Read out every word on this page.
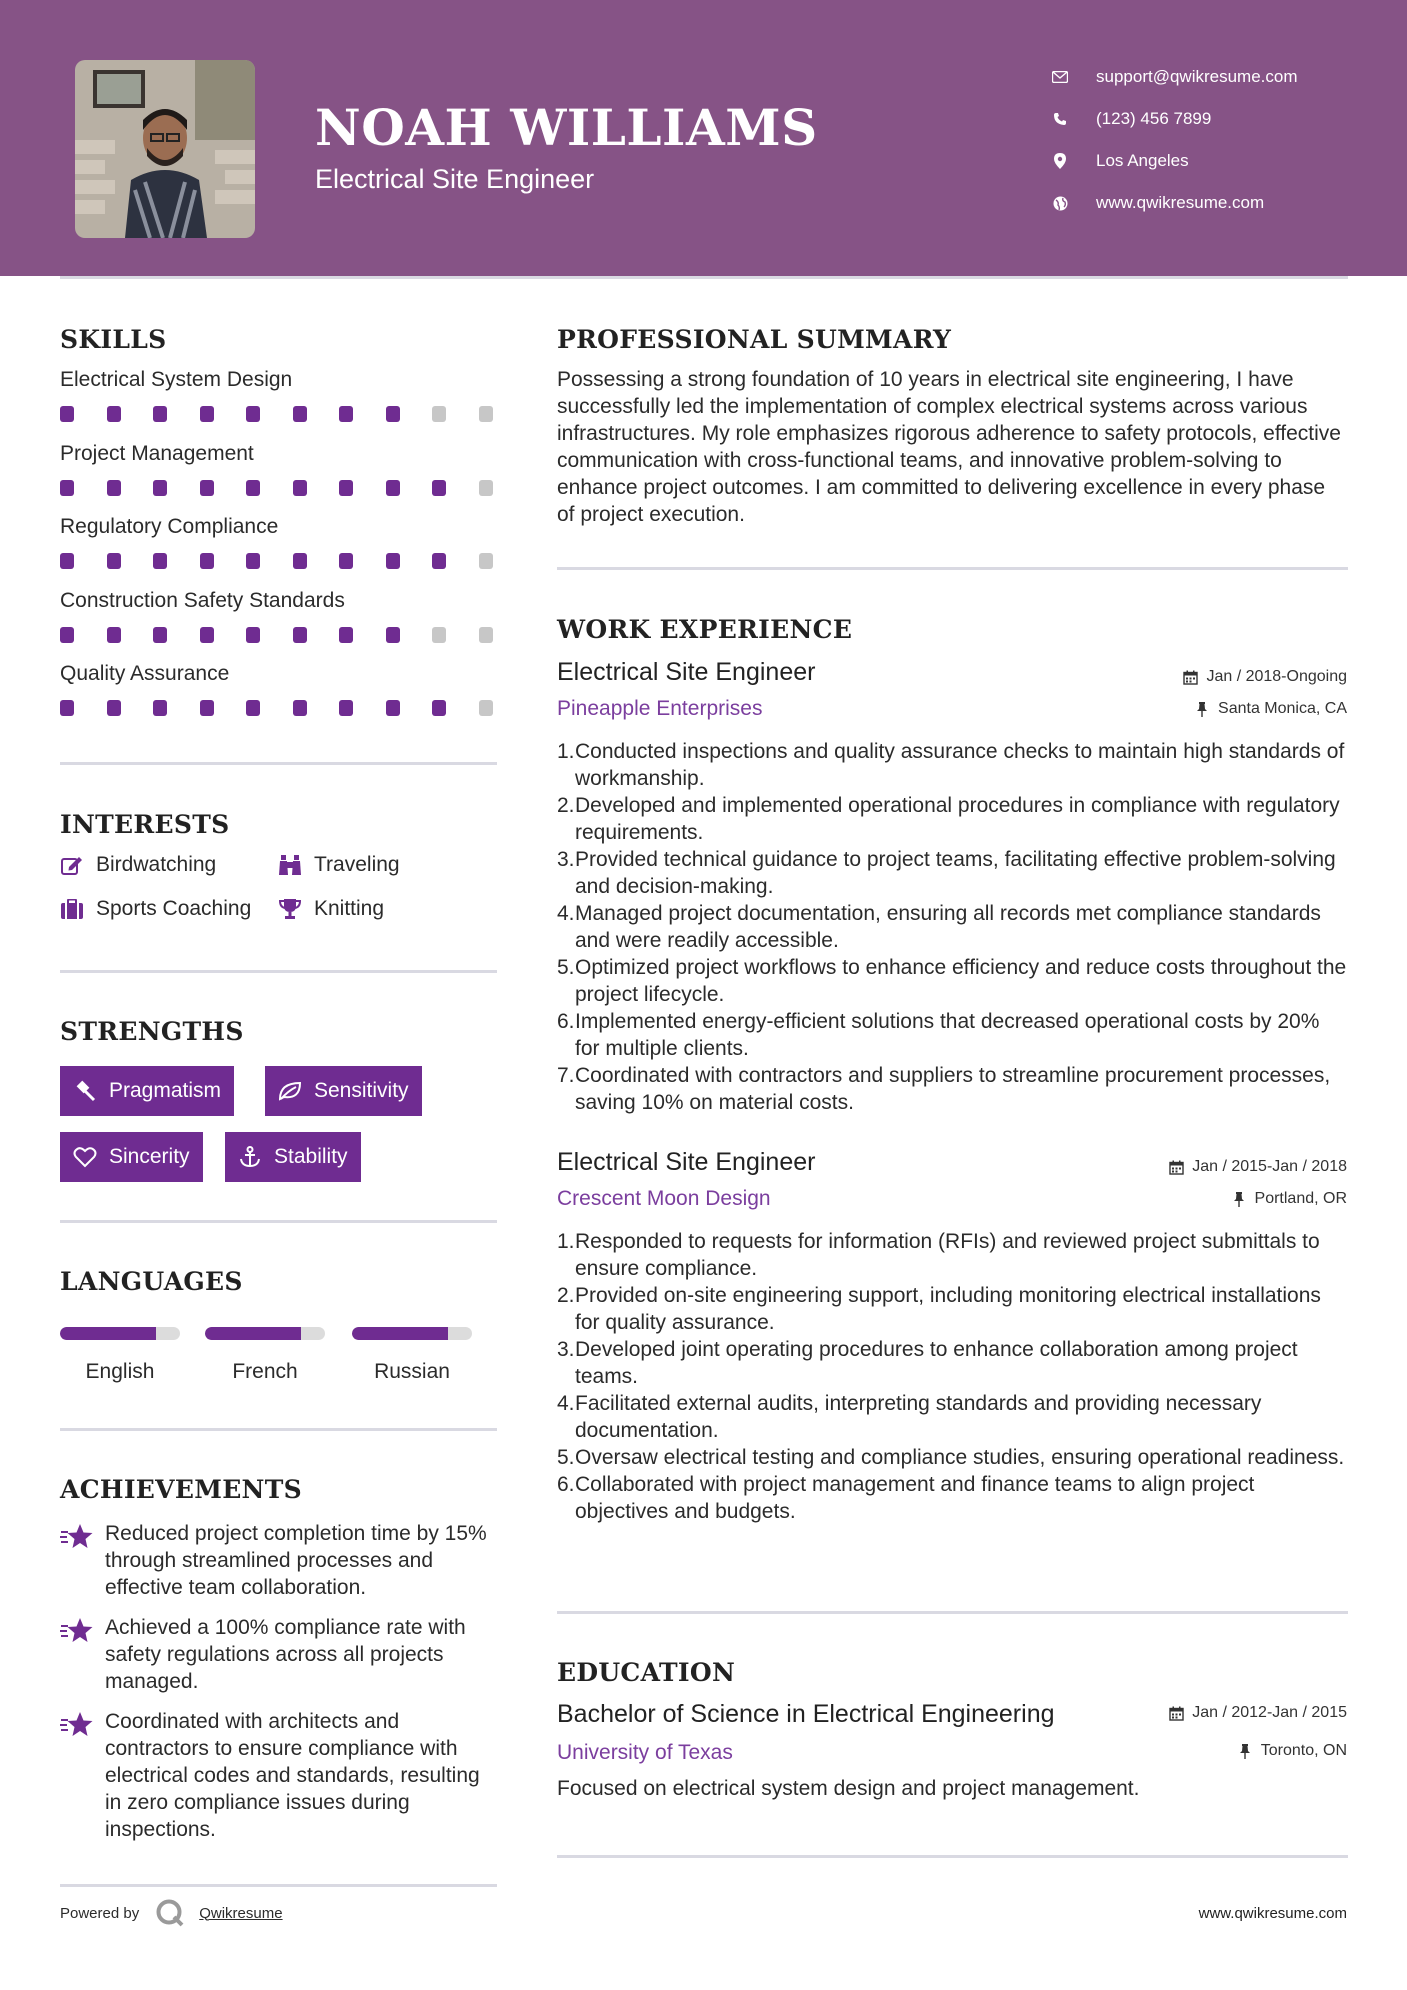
NOAH WILLIAMS
Electrical Site Engineer
support@qwikresume.com
(123) 456 7899
Los Angeles
www.qwikresume.com
SKILLS
Electrical System Design
Project Management
Regulatory Compliance
Construction Safety Standards
Quality Assurance
INTERESTS
Birdwatching	Traveling
Sports Coaching	Knitting
STRENGTHS
Pragmatism	Sensitivity
Sincerity	Stability
LANGUAGES
English	French	Russian
ACHIEVEMENTS
Reduced project completion time by 15% through streamlined processes and effective team collaboration.
Achieved a 100% compliance rate with safety regulations across all projects managed.
Coordinated with architects and contractors to ensure compliance with electrical codes and standards, resulting in zero compliance issues during inspections.
Powered by	Qwikresume	www.qwikresume.com
PROFESSIONAL SUMMARY
Possessing a strong foundation of 10 years in electrical site engineering, I have successfully led the implementation of complex electrical systems across various infrastructures. My role emphasizes rigorous adherence to safety protocols, effective communication with cross-functional teams, and innovative problem-solving to enhance project outcomes. I am committed to delivering excellence in every phase of project execution.
WORK EXPERIENCE
Electrical Site Engineer	Jan / 2018-Ongoing
Pineapple Enterprises	Santa Monica, CA
1. Conducted inspections and quality assurance checks to maintain high standards of workmanship.
2. Developed and implemented operational procedures in compliance with regulatory requirements.
3. Provided technical guidance to project teams, facilitating effective problem-solving and decision-making.
4. Managed project documentation, ensuring all records met compliance standards and were readily accessible.
5. Optimized project workflows to enhance efficiency and reduce costs throughout the project lifecycle.
6. Implemented energy-efficient solutions that decreased operational costs by 20% for multiple clients.
7. Coordinated with contractors and suppliers to streamline procurement processes, saving 10% on material costs.
Electrical Site Engineer	Jan / 2015-Jan / 2018
Crescent Moon Design	Portland, OR
1. Responded to requests for information (RFIs) and reviewed project submittals to ensure compliance.
2. Provided on-site engineering support, including monitoring electrical installations for quality assurance.
3. Developed joint operating procedures to enhance collaboration among project teams.
4. Facilitated external audits, interpreting standards and providing necessary documentation.
5. Oversaw electrical testing and compliance studies, ensuring operational readiness.
6. Collaborated with project management and finance teams to align project objectives and budgets.
EDUCATION
Bachelor of Science in Electrical Engineering	Jan / 2012-Jan / 2015
University of Texas	Toronto, ON
Focused on electrical system design and project management.
